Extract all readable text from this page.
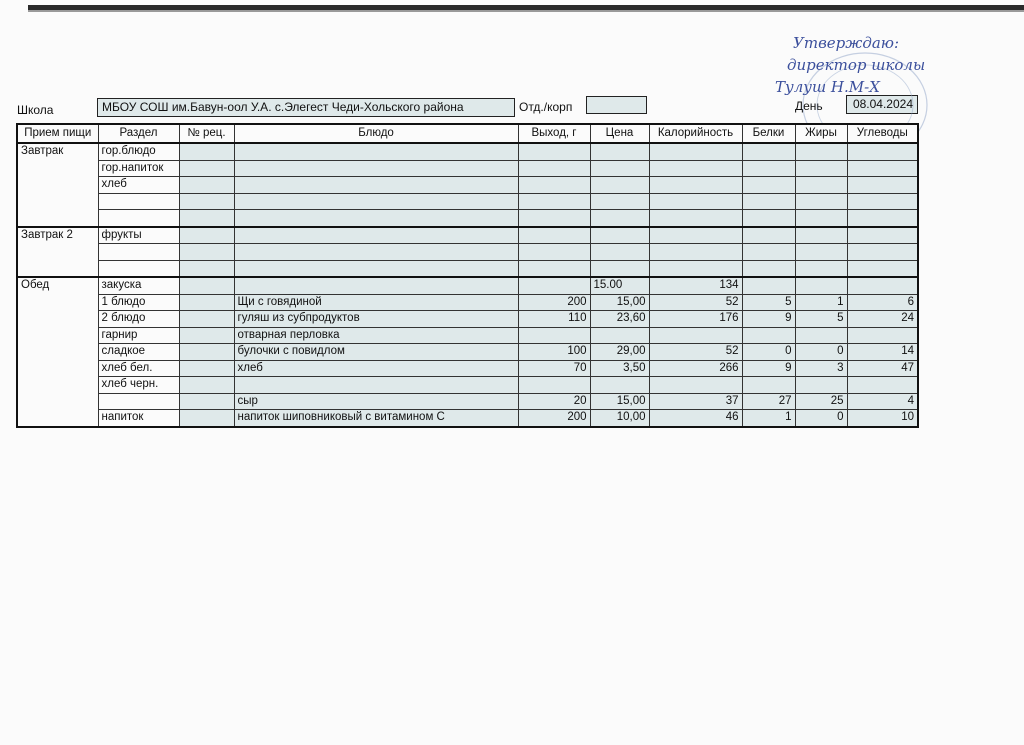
Школа	МБОУ СОШ им.Бавун-оол У.А. с.Элегест Чеди-Хольского района	Отд./корп	День	08.04.2024
Утверждаю:
директор школы
Тулуш Н.М-Х
Прием пищи	Раздел	№ рец.	Блюдо	Выход, г	Цена	Калорийность	Белки	Жиры	Углеводы
Завтрак	гор.блюдо								
	гор.напиток								
	хлеб								

Завтрак 2	фрукты								

Обед	закуска				15.00	134			
	1 блюдо		Щи с говядиной	200	15,00	52	5	1	6
	2 блюдо		гуляш из субпродуктов	110	23,60	176	9	5	24
	гарнир		отварная перловка						
	сладкое		булочки с повидлом	100	29,00	52	0	0	14
	хлеб бел.		хлеб	70	3,50	266	9	3	47
	хлеб черн.								
			сыр	20	15,00	37	27	25	4
	напиток		напиток шиповниковый с витамином С	200	10,00	46	1	0	10
